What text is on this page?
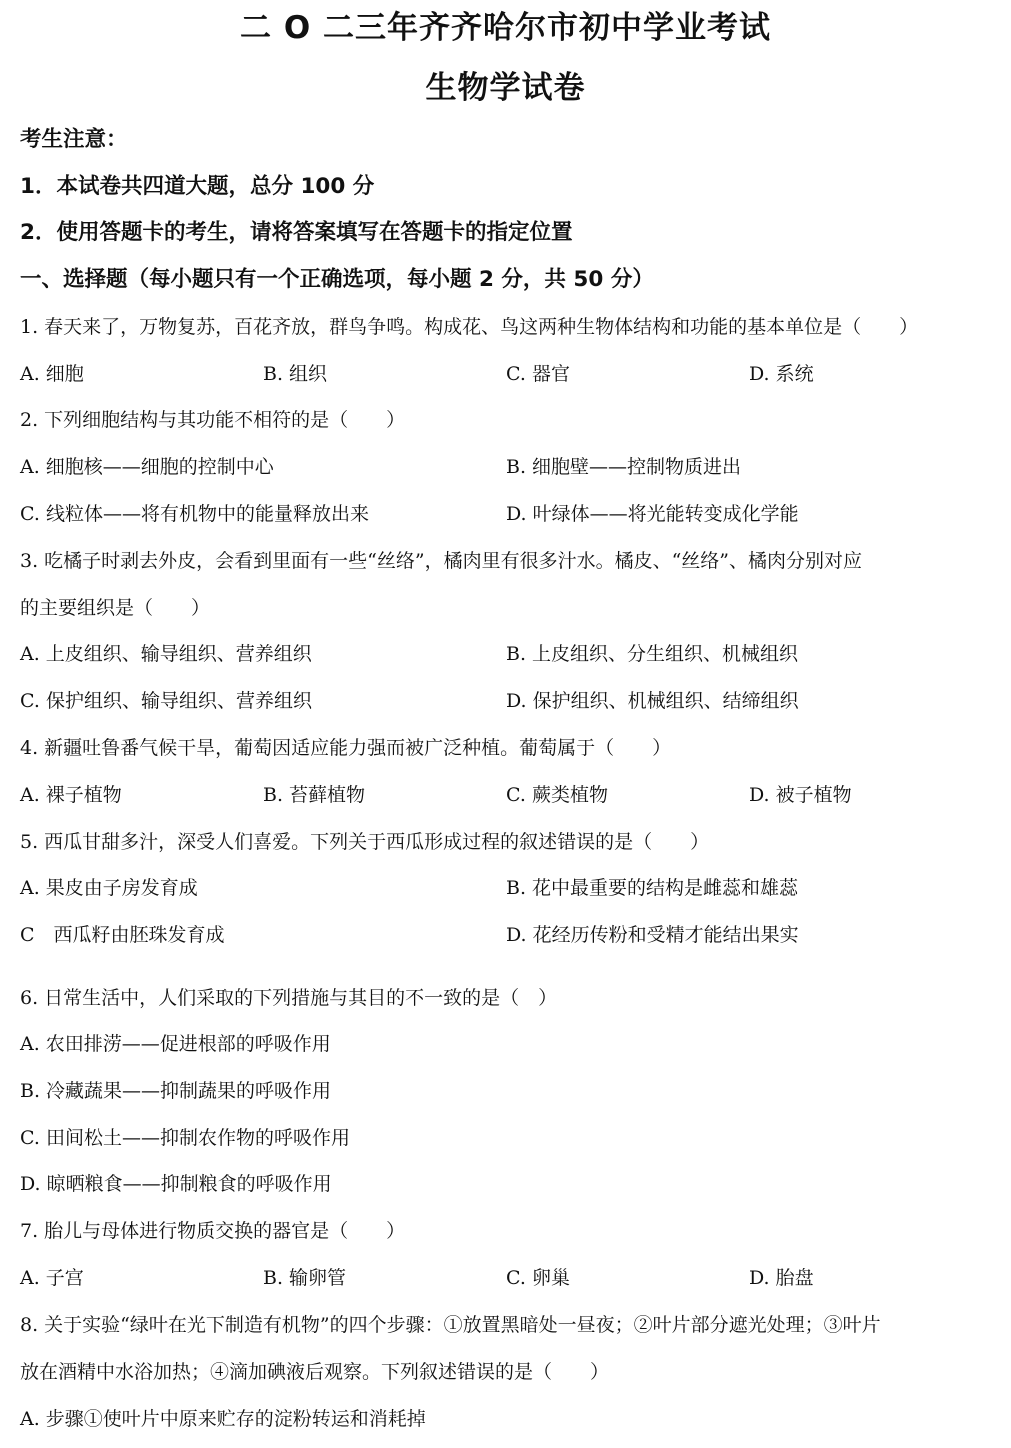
二 O 二三年齐齐哈尔市初中学业考试
生物学试卷
考生注意：
1．本试卷共四道大题，总分 100 分
2．使用答题卡的考生，请将答案填写在答题卡的指定位置
一、选择题（每小题只有一个正确选项，每小题 2 分，共 50 分）
1. 春天来了，万物复苏，百花齐放，群鸟争鸣。构成花、鸟这两种生物体结构和功能的基本单位是（　　）
A. 细胞	B. 组织	C. 器官	D. 系统
2. 下列细胞结构与其功能不相符的是（　　）
A. 细胞核——细胞的控制中心	B. 细胞壁——控制物质进出
C. 线粒体——将有机物中的能量释放出来	D. 叶绿体——将光能转变成化学能
3. 吃橘子时剥去外皮，会看到里面有一些“丝络”，橘肉里有很多汁水。橘皮、“丝络”、橘肉分别对应
的主要组织是（　　）
A. 上皮组织、输导组织、营养组织	B. 上皮组织、分生组织、机械组织
C. 保护组织、输导组织、营养组织	D. 保护组织、机械组织、结缔组织
4. 新疆吐鲁番气候干旱，葡萄因适应能力强而被广泛种植。葡萄属于（　　）
A. 裸子植物	B. 苔藓植物	C. 蕨类植物	D. 被子植物
5. 西瓜甘甜多汁，深受人们喜爱。下列关于西瓜形成过程的叙述错误的是（　　）
A. 果皮由子房发育成	B. 花中最重要的结构是雌蕊和雄蕊
C　西瓜籽由胚珠发育成	D. 花经历传粉和受精才能结出果实
6. 日常生活中，人们采取的下列措施与其目的不一致的是（　）
A. 农田排涝——促进根部的呼吸作用
B. 冷藏蔬果——抑制蔬果的呼吸作用
C. 田间松土——抑制农作物的呼吸作用
D. 晾晒粮食——抑制粮食的呼吸作用
7. 胎儿与母体进行物质交换的器官是（　　）
A. 子宫	B. 输卵管	C. 卵巢	D. 胎盘
8. 关于实验“绿叶在光下制造有机物”的四个步骤：①放置黑暗处一昼夜；②叶片部分遮光处理；③叶片
放在酒精中水浴加热；④滴加碘液后观察。下列叙述错误的是（　　）
A. 步骤①使叶片中原来贮存的淀粉转运和消耗掉
